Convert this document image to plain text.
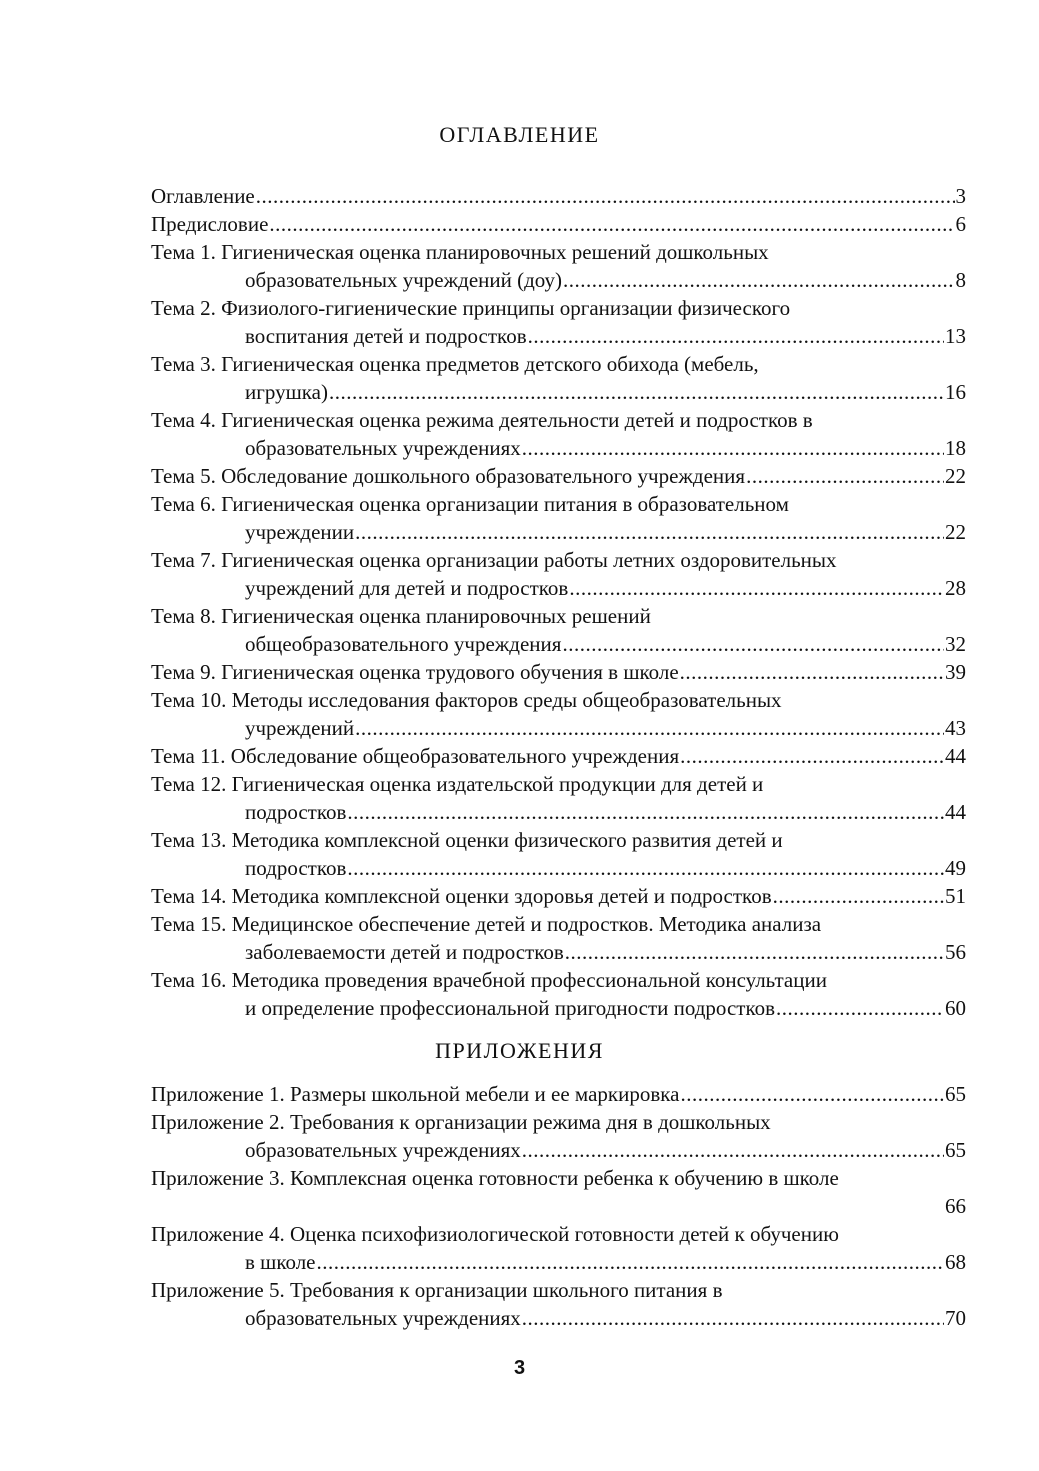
ОГЛАВЛЕНИЕ
Оглавление .....	3
Предисловие .....	6
Тема 1. Гигиеническая оценка планировочных решений дошкольных
образовательных учреждений (доу) .....	8
Тема 2. Физиолого-гигиенические принципы организации физического
воспитания детей и подростков .....	13
Тема 3. Гигиеническая оценка предметов детского обихода (мебель,
игрушка) .....	16
Тема 4. Гигиеническая оценка режима деятельности детей и подростков в
образовательных учреждениях .....	18
Тема 5. Обследование дошкольного образовательного учреждения .....	22
Тема 6. Гигиеническая оценка организации питания в образовательном
учреждении .....	22
Тема 7. Гигиеническая оценка организации работы летних оздоровительных
учреждений для детей и подростков .....	28
Тема 8. Гигиеническая оценка планировочных решений
общеобразовательного учреждения .....	32
Тема 9. Гигиеническая оценка трудового обучения в школе .....	39
Тема 10. Методы исследования факторов среды общеобразовательных
учреждений .....	43
Тема 11. Обследование общеобразовательного учреждения .....	44
Тема 12. Гигиеническая оценка издательской продукции для детей и
подростков .....	44
Тема 13. Методика комплексной оценки физического развития детей и
подростков .....	49
Тема 14. Методика комплексной оценки здоровья детей и подростков .....	51
Тема 15. Медицинское обеспечение детей и подростков. Методика анализа
заболеваемости детей и подростков .....	56
Тема 16. Методика проведения врачебной профессиональной консультации
и определение профессиональной пригодности подростков .....	60
ПРИЛОЖЕНИЯ
Приложение 1. Размеры школьной мебели и ее маркировка .....	65
Приложение 2. Требования к организации режима дня в дошкольных
образовательных учреждениях .....	65
Приложение 3. Комплексная оценка готовности ребенка к обучению в школе
66
Приложение 4. Оценка психофизиологической готовности детей к обучению
в школе .....	68
Приложение 5. Требования к организации школьного питания в
образовательных учреждениях .....	70
3
